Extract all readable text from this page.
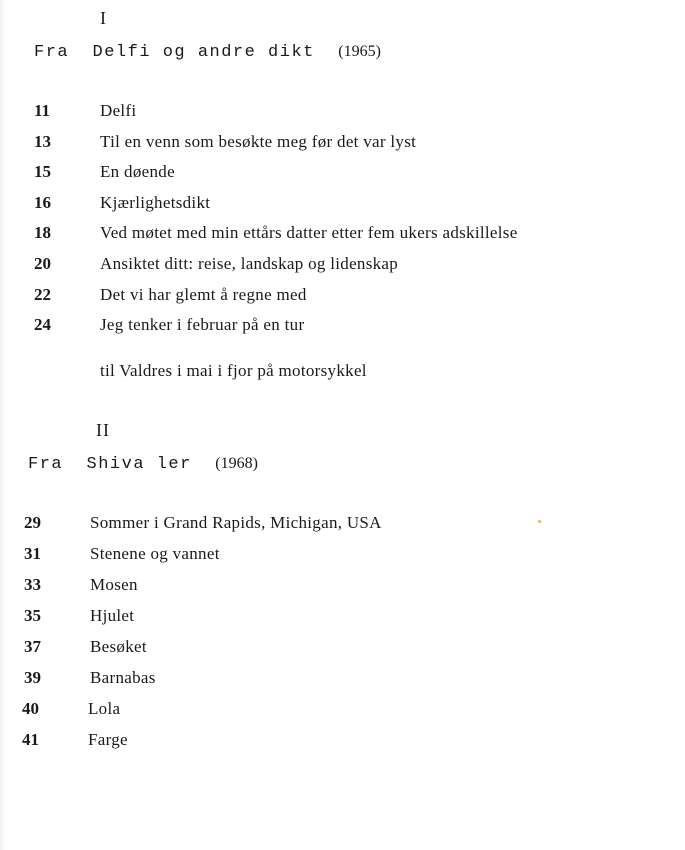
I
Fra Delfi og andre dikt (1965)
11	Delfi
13	Til en venn som besøkte meg før det var lyst
15	En døende
16	Kjærlighetsdikt
18	Ved møtet med min ettårs datter etter fem ukers adskillelse
20	Ansiktet ditt: reise, landskap og lidenskap
22	Det vi har glemt å regne med
24	Jeg tenker i februar på en tur
til Valdres i mai i fjor på motorsykkel
II
Fra Shiva ler (1968)
29	Sommer i Grand Rapids, Michigan, USA
31	Stenene og vannet
33	Mosen
35	Hjulet
37	Besøket
39	Barnabas
40	Lola
41	Farge
